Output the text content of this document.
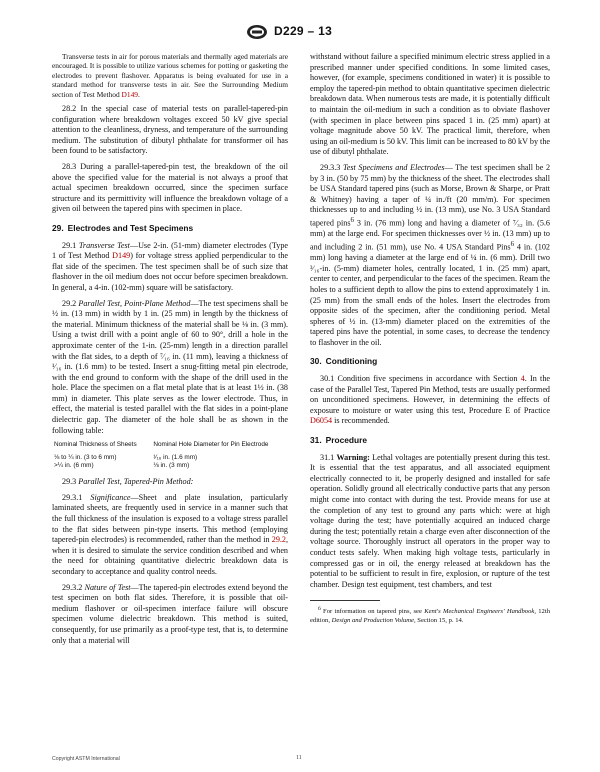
D229 – 13

Transverse tests in air for porous materials and thermally aged materials are encouraged. It is possible to utilize various schemes for potting or gasketing the electrodes to prevent flashover. Apparatus is being evaluated for use in a standard method for transverse tests in air. See the Surrounding Medium section of Test Method D149.

28.2 In the special case of material tests on parallel-tapered-pin configuration where breakdown voltages exceed 50 kV give special attention to the cleanliness, dryness, and temperature of the surrounding medium. The substitution of dibutyl phthalate for transformer oil has been found to be satisfactory.

28.3 During a parallel-tapered-pin test, the breakdown of the oil above the specified value for the material is not always a proof that actual specimen breakdown occurred, since the specimen surface structure and its permittivity will influence the breakdown voltage of a given oil between the tapered pins with specimen in place.

29. Electrodes and Test Specimens

29.1 Transverse Test—Use 2-in. (51-mm) diameter electrodes (Type 1 of Test Method D149) for voltage stress applied perpendicular to the flat side of the specimen. The test specimen shall be of such size that flashover in the oil medium does not occur before specimen breakdown. In general, a 4-in. (102-mm) square will be satisfactory.

29.2 Parallel Test, Point-Plane Method—The test specimens shall be ½ in. (13 mm) in width by 1 in. (25 mm) in length by the thickness of the material. Minimum thickness of the material shall be ⅛ in. (3 mm). Using a twist drill with a point angle of 60 to 90°, drill a hole in the approximate center of the 1-in. (25-mm) length in a direction parallel with the flat sides, to a depth of ⁷⁄₁₆ in. (11 mm), leaving a thickness of ¹⁄₁₆ in. (1.6 mm) to be tested. Insert a snug-fitting metal pin electrode, with the end ground to conform with the shape of the drill used in the hole. Place the specimen on a flat metal plate that is at least 1½ in. (38 mm) in diameter. This plate serves as the lower electrode. Thus, in effect, the material is tested parallel with the flat sides in a point-plane dielectric gap. The diameter of the hole shall be as shown in the following table:

Nominal Thickness of Sheets	Nominal Hole Diameter for Pin Electrode
⅛ to ¼ in. (3 to 6 mm)	¹⁄₁₆ in. (1.6 mm)
>¼ in. (6 mm)	⅛ in. (3 mm)

29.3 Parallel Test, Tapered-Pin Method:

29.3.1 Significance—Sheet and plate insulation, particularly laminated sheets, are frequently used in service in a manner such that the full thickness of the insulation is exposed to a voltage stress parallel to the flat sides between pin-type inserts. This method (employing tapered-pin electrodes) is recommended, rather than the method in 29.2, when it is desired to simulate the service condition described and when the need for obtaining quantitative dielectric breakdown data is secondary to acceptance and quality control needs.

29.3.2 Nature of Test—The tapered-pin electrodes extend beyond the test specimen on both flat sides. Therefore, it is possible that oil-medium flashover or oil-specimen interface failure will obscure specimen volume dielectric breakdown. This method is suited, consequently, for use primarily as a proof-type test, that is, to determine only that a material will

withstand without failure a specified minimum electric stress applied in a prescribed manner under specified conditions. In some limited cases, however, (for example, specimens conditioned in water) it is possible to employ the tapered-pin method to obtain quantitative specimen dielectric breakdown data. When numerous tests are made, it is potentially difficult to maintain the oil-medium in such a condition as to obviate flashover (with specimen in place between pins spaced 1 in. (25 mm) apart) at voltage magnitude above 50 kV. The practical limit, therefore, when using an oil-medium is 50 kV. This limit can be increased to 80 kV by the use of dibutyl phthalate.

29.3.3 Test Specimens and Electrodes— The test specimen shall be 2 by 3 in. (50 by 75 mm) by the thickness of the sheet. The electrodes shall be USA Standard tapered pins (such as Morse, Brown & Sharpe, or Pratt & Whitney) having a taper of ¼ in./ft (20 mm/m). For specimen thicknesses up to and including ½ in. (13 mm), use No. 3 USA Standard tapered pins$^6$ 3 in. (76 mm) long and having a diameter of ⁷⁄₃₂ in. (5.6 mm) at the large end. For specimen thicknesses over ½ in. (13 mm) up to and including 2 in. (51 mm), use No. 4 USA Standard Pins$^6$ 4 in. (102 mm) long having a diameter at the large end of ¼ in. (6 mm). Drill two ³⁄₁₆-in. (5-mm) diameter holes, centrally located, 1 in. (25 mm) apart, center to center, and perpendicular to the faces of the specimen. Ream the holes to a sufficient depth to allow the pins to extend approximately 1 in. (25 mm) from the small ends of the holes. Insert the electrodes from opposite sides of the specimen, after the conditioning period. Metal spheres of ½ in. (13-mm) diameter placed on the extremities of the tapered pins have the potential, in some cases, to decrease the tendency to flashover in the oil.

30. Conditioning

30.1 Condition five specimens in accordance with Section 4. In the case of the Parallel Test, Tapered Pin Method, tests are usually performed on unconditioned specimens. However, in determining the effects of exposure to moisture or water using this test, Procedure E of Practice D6054 is recommended.

31. Procedure

31.1 Warning: Lethal voltages are potentially present during this test. It is essential that the test apparatus, and all associated equipment electrically connected to it, be properly designed and installed for safe operation. Solidly ground all electrically conductive parts that any person might come into contact with during the test. Provide means for use at the completion of any test to ground any parts which: were at high voltage during the test; have potentially acquired an induced charge during the test; potentially retain a charge even after disconnection of the voltage source. Thoroughly instruct all operators in the proper way to conduct tests safely. When making high voltage tests, particularly in compressed gas or in oil, the energy released at breakdown has the potential to be sufficient to result in fire, explosion, or rupture of the test chamber. Design test equipment, test chambers, and test

$^6$ For information on tapered pins, see Kent's Mechanical Engineers' Handbook, 12th edition, Design and Production Volume, Section 15, p. 14.

Copyright ASTM International	11
